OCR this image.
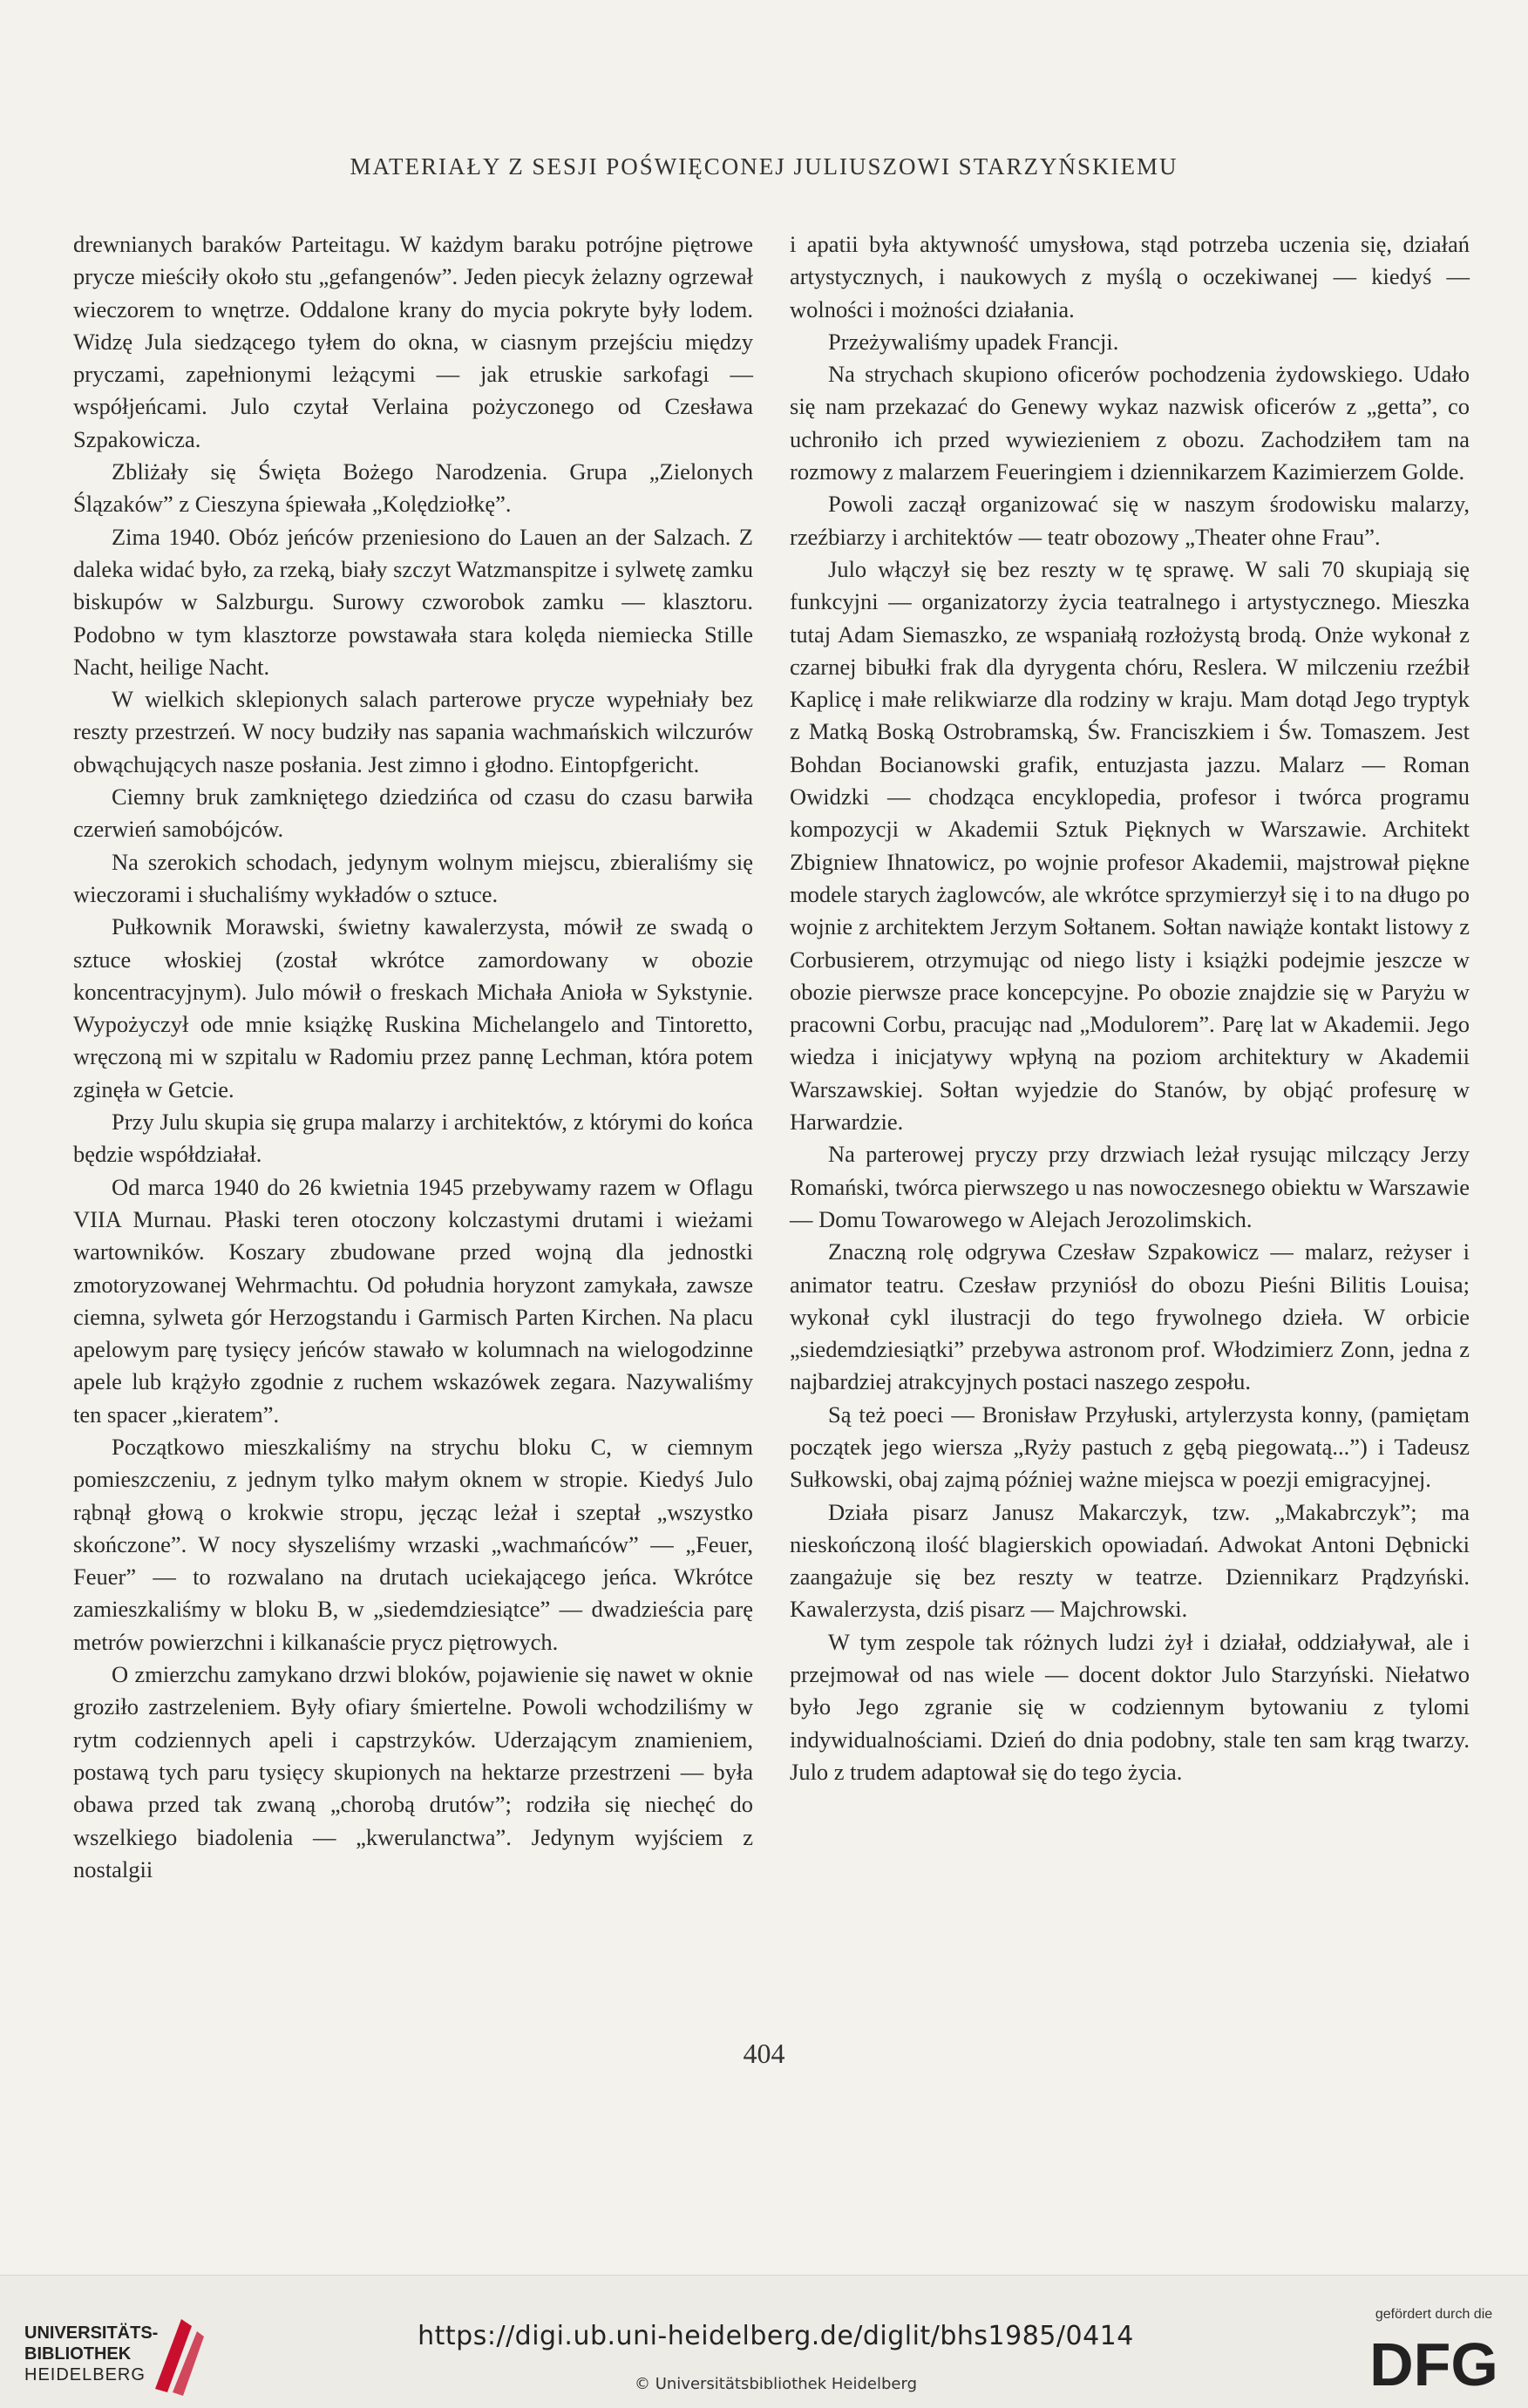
MATERIAŁY Z SESJI POŚWIĘCONEJ JULIUSZOWI STARZYŃSKIEMU

drewnianych baraków Parteitagu. W każdym baraku potrójne piętrowe prycze mieściły około stu „gefangenów”. Jeden piecyk żelazny ogrzewał wieczorem to wnętrze. Oddalone krany do mycia pokryte były lodem. Widzę Jula siedzącego tyłem do okna, w ciasnym przejściu między pryczami, zapełnionymi leżącymi — jak etruskie sarkofagi — współjeńcami. Julo czytał Verlaina pożyczonego od Czesława Szpakowicza.

Zbliżały się Święta Bożego Narodzenia. Grupa „Zielonych Ślązaków” z Cieszyna śpiewała „Kolędziołkę”.

Zima 1940. Obóz jeńców przeniesiono do Lauen an der Salzach. Z daleka widać było, za rzeką, biały szczyt Watzmanspitze i sylwetę zamku biskupów w Salzburgu. Surowy czworobok zamku — klasztoru. Podobno w tym klasztorze powstawała stara kolęda niemiecka Stille Nacht, heilige Nacht.

W wielkich sklepionych salach parterowe prycze wypełniały bez reszty przestrzeń. W nocy budziły nas sapania wachmańskich wilczurów obwąchujących nasze posłania. Jest zimno i głodno. Eintopfgericht.

Ciemny bruk zamkniętego dziedzińca od czasu do czasu barwiła czerwień samobójców.

Na szerokich schodach, jedynym wolnym miejscu, zbieraliśmy się wieczorami i słuchaliśmy wykładów o sztuce.

Pułkownik Morawski, świetny kawalerzysta, mówił ze swadą o sztuce włoskiej (został wkrótce zamordowany w obozie koncentracyjnym). Julo mówił o freskach Michała Anioła w Sykstynie. Wypożyczył ode mnie książkę Ruskina Michelangelo and Tintoretto, wręczoną mi w szpitalu w Radomiu przez pannę Lechman, która potem zginęła w Getcie.

Przy Julu skupia się grupa malarzy i architektów, z którymi do końca będzie współdziałał.

Od marca 1940 do 26 kwietnia 1945 przebywamy razem w Oflagu VIIA Murnau. Płaski teren otoczony kolczastymi drutami i wieżami wartowników. Koszary zbudowane przed wojną dla jednostki zmotoryzowanej Wehrmachtu. Od południa horyzont zamykała, zawsze ciemna, sylweta gór Herzogstandu i Garmisch Parten Kirchen. Na placu apelowym parę tysięcy jeńców stawało w kolumnach na wielogodzinne apele lub krążyło zgodnie z ruchem wskazówek zegara. Nazywaliśmy ten spacer „kieratem”.

Początkowo mieszkaliśmy na strychu bloku C, w ciemnym pomieszczeniu, z jednym tylko małym oknem w stropie. Kiedyś Julo rąbnął głową o krokwie stropu, jęcząc leżał i szeptał „wszystko skończone”. W nocy słyszeliśmy wrzaski „wachmańców” — „Feuer, Feuer” — to rozwalano na drutach uciekającego jeńca. Wkrótce zamieszkaliśmy w bloku B, w „siedemdziesiątce” — dwadzieścia parę metrów powierzchni i kilkanaście prycz piętrowych.

O zmierzchu zamykano drzwi bloków, pojawienie się nawet w oknie groziło zastrzeleniem. Były ofiary śmiertelne. Powoli wchodziliśmy w rytm codziennych apeli i capstrzyków. Uderzającym znamieniem, postawą tych paru tysięcy skupionych na hektarze przestrzeni — była obawa przed tak zwaną „chorobą drutów”; rodziła się niechęć do wszelkiego biadolenia — „kwerulanctwa”. Jedynym wyjściem z nostalgii

i apatii była aktywność umysłowa, stąd potrzeba uczenia się, działań artystycznych, i naukowych z myślą o oczekiwanej — kiedyś — wolności i możności działania.

Przeżywaliśmy upadek Francji.

Na strychach skupiono oficerów pochodzenia żydowskiego. Udało się nam przekazać do Genewy wykaz nazwisk oficerów z „getta”, co uchroniło ich przed wywiezieniem z obozu. Zachodziłem tam na rozmowy z malarzem Feueringiem i dziennikarzem Kazimierzem Golde.

Powoli zaczął organizować się w naszym środowisku malarzy, rzeźbiarzy i architektów — teatr obozowy „Theater ohne Frau”.

Julo włączył się bez reszty w tę sprawę. W sali 70 skupiają się funkcyjni — organizatorzy życia teatralnego i artystycznego. Mieszka tutaj Adam Siemaszko, ze wspaniałą rozłożystą brodą. Onże wykonał z czarnej bibułki frak dla dyrygenta chóru, Reslera. W milczeniu rzeźbił Kaplicę i małe relikwiarze dla rodziny w kraju. Mam dotąd Jego tryptyk z Matką Boską Ostrobramską, Św. Franciszkiem i Św. Tomaszem. Jest Bohdan Bocianowski grafik, entuzjasta jazzu. Malarz — Roman Owidzki — chodząca encyklopedia, profesor i twórca programu kompozycji w Akademii Sztuk Pięknych w Warszawie. Architekt Zbigniew Ihnatowicz, po wojnie profesor Akademii, majstrował piękne modele starych żaglowców, ale wkrótce sprzymierzył się i to na długo po wojnie z architektem Jerzym Sołtanem. Sołtan nawiąże kontakt listowy z Corbusierem, otrzymując od niego listy i książki podejmie jeszcze w obozie pierwsze prace koncepcyjne. Po obozie znajdzie się w Paryżu w pracowni Corbu, pracując nad „Modulorem”. Parę lat w Akademii. Jego wiedza i inicjatywy wpłyną na poziom architektury w Akademii Warszawskiej. Sołtan wyjedzie do Stanów, by objąć profesurę w Harwardzie.

Na parterowej pryczy przy drzwiach leżał rysując milczący Jerzy Romański, twórca pierwszego u nas nowoczesnego obiektu w Warszawie — Domu Towarowego w Alejach Jerozolimskich.

Znaczną rolę odgrywa Czesław Szpakowicz — malarz, reżyser i animator teatru. Czesław przyniósł do obozu Pieśni Bilitis Louisa; wykonał cykl ilustracji do tego frywolnego dzieła. W orbicie „siedemdziesiątki” przebywa astronom prof. Włodzimierz Zonn, jedna z najbardziej atrakcyjnych postaci naszego zespołu.

Są też poeci — Bronisław Przyłuski, artylerzysta konny, (pamiętam początek jego wiersza „Ryży pastuch z gębą piegowatą...”) i Tadeusz Sułkowski, obaj zajmą później ważne miejsca w poezji emigracyjnej.

Działa pisarz Janusz Makarczyk, tzw. „Makabrczyk”; ma nieskończoną ilość blagierskich opowiadań. Adwokat Antoni Dębnicki zaangażuje się bez reszty w teatrze. Dziennikarz Prądzyński. Kawalerzysta, dziś pisarz — Majchrowski.

W tym zespole tak różnych ludzi żył i działał, oddziaływał, ale i przejmował od nas wiele — docent doktor Julo Starzyński. Niełatwo było Jego zgranie się w codziennym bytowaniu z tylomi indywidualnościami. Dzień do dnia podobny, stale ten sam krąg twarzy. Julo z trudem adaptował się do tego życia.

404
UNIVERSITÄTS-
BIBLIOTHEK
HEIDELBERG
https://digi.ub.uni-heidelberg.de/diglit/bhs1985/0414
© Universitätsbibliothek Heidelberg
gefördert durch die
DFG
